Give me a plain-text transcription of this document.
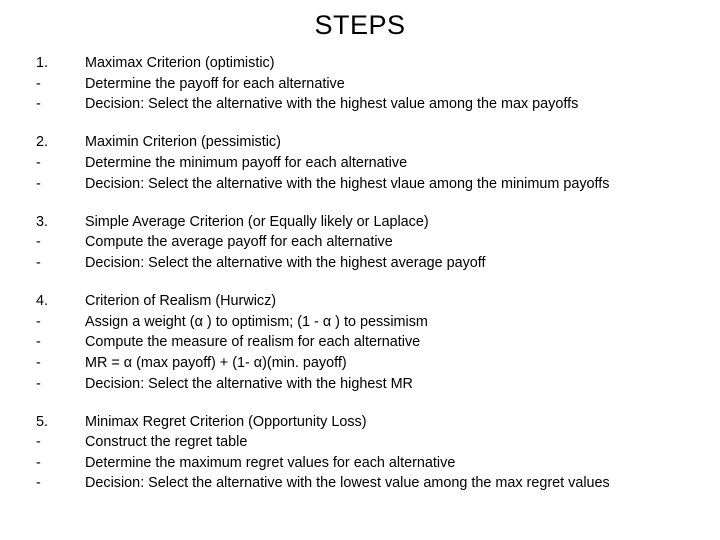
STEPS
1.	Maximax Criterion (optimistic)
-	Determine the payoff for each alternative
-	Decision: Select the alternative with the highest value among the max payoffs
2.	Maximin Criterion (pessimistic)
-	Determine the minimum payoff for each alternative
-	Decision: Select the alternative with the highest vlaue among the minimum payoffs
3.	Simple Average Criterion (or Equally likely or Laplace)
-	Compute the average payoff for each alternative
-	Decision: Select the alternative with the highest average payoff
4.	Criterion of Realism (Hurwicz)
-	Assign a weight (α ) to optimism; (1 - α ) to pessimism
-	Compute the measure of realism for each alternative
-	MR = α (max payoff) + (1- α)(min. payoff)
-	Decision: Select the alternative with the highest MR
5.	Minimax Regret Criterion (Opportunity Loss)
-	Construct the regret table
-	Determine the maximum regret values for each alternative
-	Decision: Select the alternative with the lowest value among the max regret values
